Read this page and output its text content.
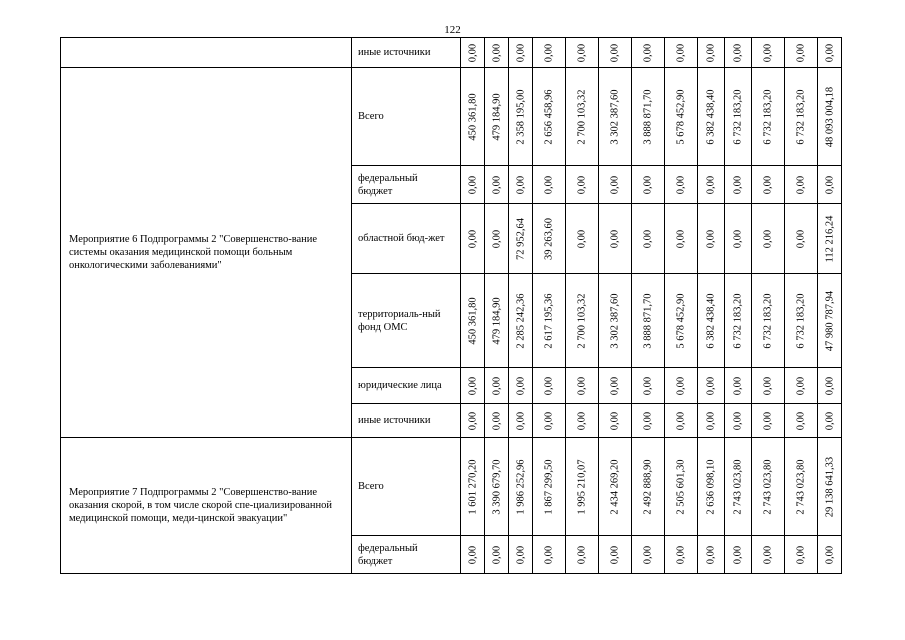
122
	иные источники	0,00	0,00	0,00	0,00	0,00	0,00	0,00	0,00	0,00	0,00	0,00	0,00	0,00

Мероприятие 6 Подпрограммы 2 "Совершенство-вание системы оказания медицинской помощи больным онкологическими заболеваниями"	Всего	450 361,80	479 184,90	2 358 195,00	2 656 458,96	2 700 103,32	3 302 387,60	3 888 871,70	5 678 452,90	6 382 438,40	6 732 183,20	6 732 183,20	6 732 183,20	48 093 004,18

	федеральный бюджет	0,00	0,00	0,00	0,00	0,00	0,00	0,00	0,00	0,00	0,00	0,00	0,00	0,00

	областной бюд-жет	0,00	0,00	72 952,64	39 263,60	0,00	0,00	0,00	0,00	0,00	0,00	0,00	0,00	112 216,24

	территориаль-ный фонд ОМС	450 361,80	479 184,90	2 285 242,36	2 617 195,36	2 700 103,32	3 302 387,60	3 888 871,70	5 678 452,90	6 382 438,40	6 732 183,20	6 732 183,20	6 732 183,20	47 980 787,94

	юридические лица	0,00	0,00	0,00	0,00	0,00	0,00	0,00	0,00	0,00	0,00	0,00	0,00	0,00

	иные источники	0,00	0,00	0,00	0,00	0,00	0,00	0,00	0,00	0,00	0,00	0,00	0,00	0,00

Мероприятие 7 Подпрограммы 2 "Совершенство-вание оказания скорой, в том числе скорой спе-циализированной медицинской помощи, меди-цинской эвакуации"	Всего	1 601 270,20	3 390 679,70	1 986 252,96	1 867 299,50	1 995 210,07	2 434 269,20	2 492 888,90	2 505 601,30	2 636 098,10	2 743 023,80	2 743 023,80	2 743 023,80	29 138 641,33

	федеральный бюджет	0,00	0,00	0,00	0,00	0,00	0,00	0,00	0,00	0,00	0,00	0,00	0,00	0,00
